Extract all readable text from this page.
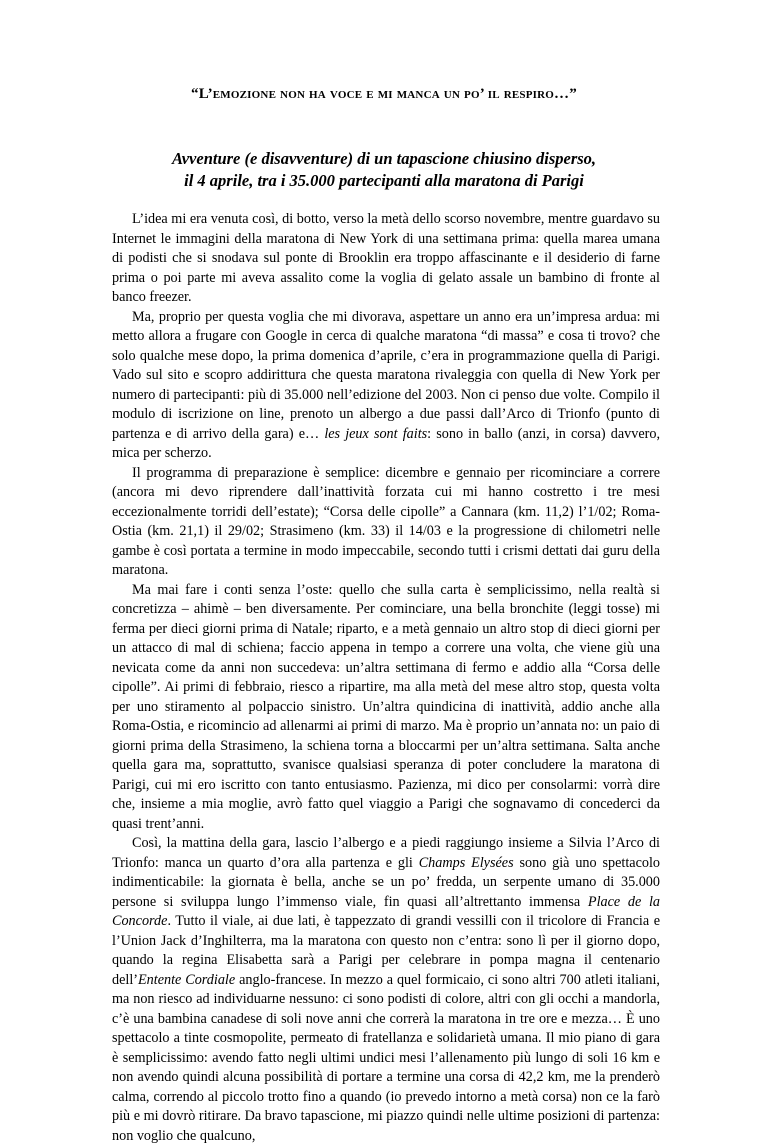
“L’emozione non ha voce e mi manca un po’ il respiro…”
Avventure (e disavventure) di un tapascione chiusino disperso,
il 4 aprile, tra i 35.000 partecipanti alla maratona di Parigi

L’idea mi era venuta così, di botto, verso la metà dello scorso novembre, mentre guardavo su Internet le immagini della maratona di New York di una settimana prima: quella marea umana di podisti che si snodava sul ponte di Brooklin era troppo affascinante e il desiderio di farne prima o poi parte mi aveva assalito come la voglia di gelato assale un bambino di fronte al banco freezer.

Ma, proprio per questa voglia che mi divorava, aspettare un anno era un’impresa ardua: mi metto allora a frugare con Google in cerca di qualche maratona “di massa” e cosa ti trovo? che solo qualche mese dopo, la prima domenica d’aprile, c’era in programmazione quella di Parigi. Vado sul sito e scopro addirittura che questa maratona rivaleggia con quella di New York per numero di partecipanti: più di 35.000 nell’edizione del 2003. Non ci penso due volte. Compilo il modulo di iscrizione on line, prenoto un albergo a due passi dall’Arco di Trionfo (punto di partenza e di arrivo della gara) e… les jeux sont faits: sono in ballo (anzi, in corsa) davvero, mica per scherzo.

Il programma di preparazione è semplice: dicembre e gennaio per ricominciare a correre (ancora mi devo riprendere dall’inattività forzata cui mi hanno costretto i tre mesi eccezionalmente torridi dell’estate); “Corsa delle cipolle” a Cannara (km. 11,2) l’1/02; Roma-Ostia (km. 21,1) il 29/02; Strasimeno (km. 33) il 14/03 e la progressione di chilometri nelle gambe è così portata a termine in modo impeccabile, secondo tutti i crismi dettati dai guru della maratona.

Ma mai fare i conti senza l’oste: quello che sulla carta è semplicissimo, nella realtà si concretizza – ahimè – ben diversamente. Per cominciare, una bella bronchite (leggi tosse) mi ferma per dieci giorni prima di Natale; riparto, e a metà gennaio un altro stop di dieci giorni per un attacco di mal di schiena; faccio appena in tempo a correre una volta, che viene giù una nevicata come da anni non succedeva: un’altra settimana di fermo e addio alla “Corsa delle cipolle”. Ai primi di febbraio, riesco a ripartire, ma alla metà del mese altro stop, questa volta per uno stiramento al polpaccio sinistro. Un’altra quindicina di inattività, addio anche alla Roma-Ostia, e ricomincio ad allenarmi ai primi di marzo. Ma è proprio un’annata no: un paio di giorni prima della Strasimeno, la schiena torna a bloccarmi per un’altra settimana. Salta anche quella gara ma, soprattutto, svanisce qualsiasi speranza di poter concludere la maratona di Parigi, cui mi ero iscritto con tanto entusiasmo. Pazienza, mi dico per consolarmi: vorrà dire che, insieme a mia moglie, avrò fatto quel viaggio a Parigi che sognavamo di concederci da quasi trent’anni.

Così, la mattina della gara, lascio l’albergo e a piedi raggiungo insieme a Silvia l’Arco di Trionfo: manca un quarto d’ora alla partenza e gli Champs Elysées sono già uno spettacolo indimenticabile: la giornata è bella, anche se un po’ fredda, un serpente umano di 35.000 persone si sviluppa lungo l’immenso viale, fin quasi all’altrettanto immensa Place de la Concorde. Tutto il viale, ai due lati, è tappezzato di grandi vessilli con il tricolore di Francia e l’Union Jack d’Inghilterra, ma la maratona con questo non c’entra: sono lì per il giorno dopo, quando la regina Elisabetta sarà a Parigi per celebrare in pompa magna il centenario dell’Entente Cordiale anglo-francese. In mezzo a quel formicaio, ci sono altri 700 atleti italiani, ma non riesco ad individuarne nessuno: ci sono podisti di colore, altri con gli occhi a mandorla, c’è una bambina canadese di soli nove anni che correrà la maratona in tre ore e mezza… È uno spettacolo a tinte cosmopolite, permeato di fratellanza e solidarietà umana. Il mio piano di gara è semplicissimo: avendo fatto negli ultimi undici mesi l’allenamento più lungo di soli 16 km e non avendo quindi alcuna possibilità di portare a termine una corsa di 42,2 km, me la prenderò calma, correndo al piccolo trotto fino a quando (io prevedo intorno a metà corsa) non ce la farò più e mi dovrò ritirare. Da bravo tapascione, mi piazzo quindi nelle ultime posizioni di partenza: non voglio che qualcuno,
